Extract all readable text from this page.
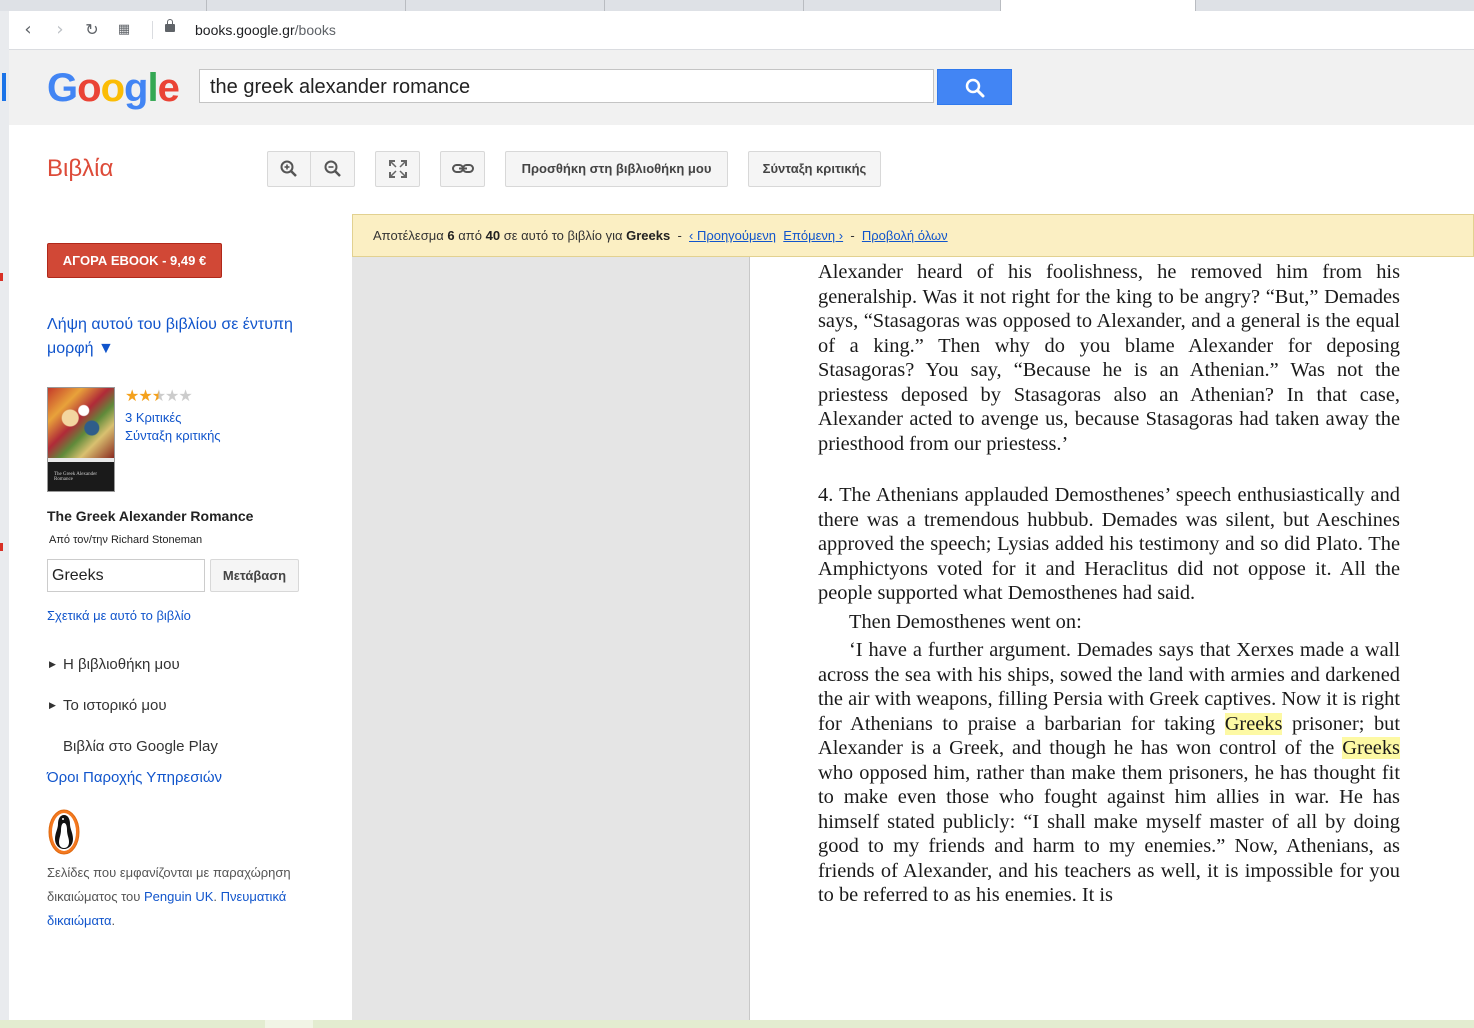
‹	›	↻	▦	books.google.gr/books
Google	the greek alexander romance
Βιβλία	Προσθήκη στη βιβλιοθήκη μου	Σύνταξη κριτικής
ΑΓΟΡΑ EBOOK - 9,49 €
Λήψη αυτού του βιβλίου σε έντυπη μορφή ▼
The Greek Alexander Romance
★★★★★
3 Κριτικές
Σύνταξη κριτικής
The Greek Alexander Romance
Από τον/την Richard Stoneman
Greeks	Μετάβαση
Σχετικά με αυτό το βιβλίο
▶ Η βιβλιοθήκη μου
▶ Το ιστορικό μου
Βιβλία στο Google Play
Όροι Παροχής Υπηρεσιών
Σελίδες που εμφανίζονται με παραχώρηση δικαιώματος του Penguin UK. Πνευματικά δικαιώματα.

Alexander heard of his foolishness, he removed him from his generalship. Was it not right for the king to be angry? “But,” Demades says, “Stasagoras was opposed to Alexander, and a general is the equal of a king.” Then why do you blame Alexander for deposing Stasagoras? You say, “Because he is an Athenian.” Was not the priestess deposed by Stasagoras also an Athenian? In that case, Alexander acted to avenge us, because Stasagoras had taken away the priesthood from our priestess.’

4. The Athenians applauded Demosthenes’ speech enthusiastically and there was a tremendous hubbub. Demades was silent, but Aeschines approved the speech; Lysias added his testimony and so did Plato. The Amphictyons voted for it and Heraclitus did not oppose it. All the people supported what Demosthenes had said.

Then Demosthenes went on:

‘I have a further argument. Demades says that Xerxes made a wall across the sea with his ships, sowed the land with armies and darkened the air with weapons, filling Persia with Greek captives. Now it is right for Athenians to praise a barbarian for taking Greeks prisoner; but Alexander is a Greek, and though he has won control of the Greeks who opposed him, rather than make them prisoners, he has thought fit to make even those who fought against him allies in war. He has himself stated publicly: “I shall make myself master of all by doing good to my friends and harm to my enemies.” Now, Athenians, as friends of Alexander, and his teachers as well, it is impossible for you to be referred to as his enemies. It is

Αποτέλεσμα 6 από 40 σε αυτό το βιβλίο για Greeks  -  ‹ Προηγούμενη Επόμενη ›  -  Προβολή όλων
